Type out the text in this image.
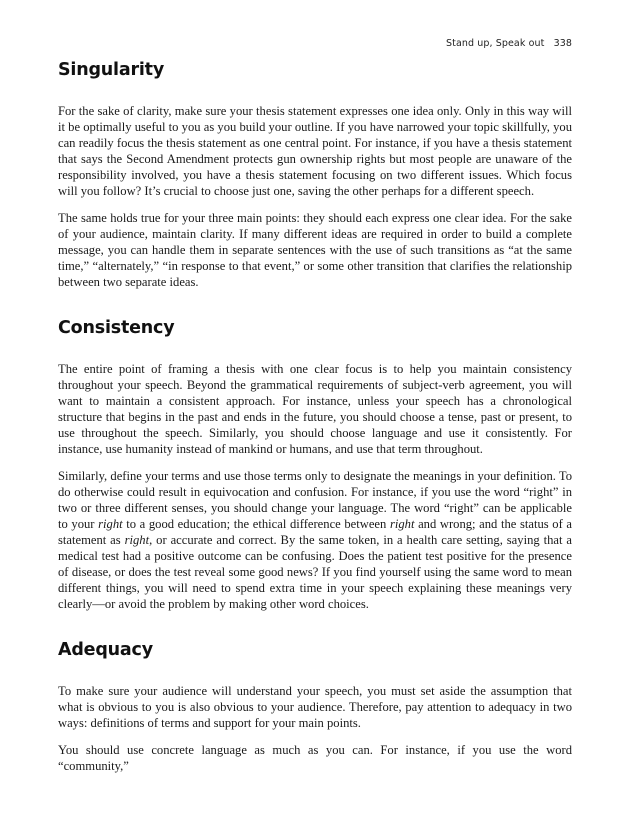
Stand up, Speak out 338
Singularity

For the sake of clarity, make sure your thesis statement expresses one idea only. Only in this way will it be optimally useful to you as you build your outline. If you have narrowed your topic skillfully, you can readily focus the thesis statement as one central point. For instance, if you have a thesis statement that says the Second Amendment protects gun ownership rights but most people are unaware of the responsibility involved, you have a thesis statement focusing on two different issues. Which focus will you follow? It’s crucial to choose just one, saving the other perhaps for a different speech.

The same holds true for your three main points: they should each express one clear idea. For the sake of your audience, maintain clarity. If many different ideas are required in order to build a complete message, you can handle them in separate sentences with the use of such transitions as “at the same time,” “alternately,” “in response to that event,” or some other transition that clarifies the relationship between two separate ideas.

Consistency

The entire point of framing a thesis with one clear focus is to help you maintain consistency throughout your speech. Beyond the grammatical requirements of subject-verb agreement, you will want to maintain a consistent approach. For instance, unless your speech has a chronological structure that begins in the past and ends in the future, you should choose a tense, past or present, to use throughout the speech. Similarly, you should choose language and use it consistently. For instance, use humanity instead of mankind or humans, and use that term throughout.

Similarly, define your terms and use those terms only to designate the meanings in your definition. To do otherwise could result in equivocation and confusion. For instance, if you use the word “right” in two or three different senses, you should change your language. The word “right” can be applicable to your right to a good education; the ethical difference between right and wrong; and the status of a statement as right, or accurate and correct. By the same token, in a health care setting, saying that a medical test had a positive outcome can be confusing. Does the patient test positive for the presence of disease, or does the test reveal some good news? If you find yourself using the same word to mean different things, you will need to spend extra time in your speech explaining these meanings very clearly—or avoid the problem by making other word choices.

Adequacy

To make sure your audience will understand your speech, you must set aside the assumption that what is obvious to you is also obvious to your audience. Therefore, pay attention to adequacy in two ways: definitions of terms and support for your main points.

You should use concrete language as much as you can. For instance, if you use the word “community,”
